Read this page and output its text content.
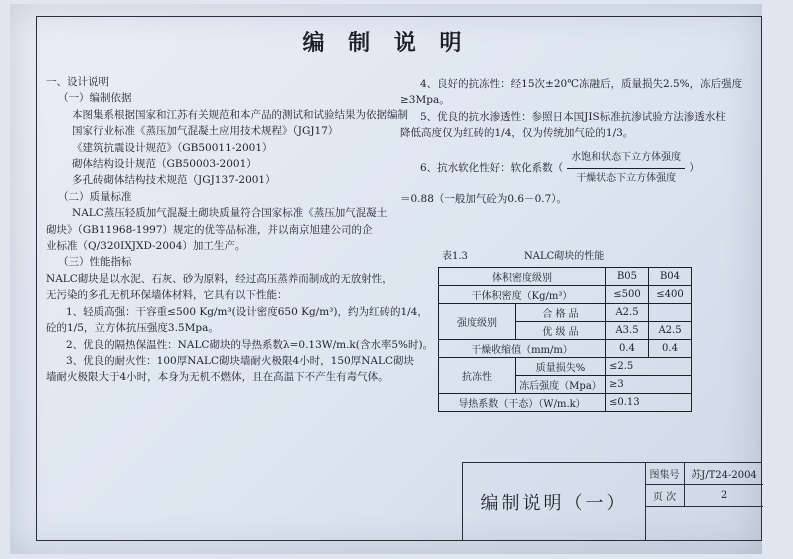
编 制 说 明
一、设计说明
（一）编制依据
本图集系根据国家和江苏有关规范和本产品的测试和试验结果为依据编制
国家行业标准《蒸压加气混凝土应用技术规程》（JGJ17）
《建筑抗震设计规范》（GB50011-2001）
砌体结构设计规范（GB50003-2001）
多孔砖砌体结构技术规范（JGJ137-2001）
（二）质量标准
NALC蒸压轻质加气混凝土砌块质量符合国家标准《蒸压加气混凝土
砌块》（GB11968-1997）规定的优等品标准，并以南京旭建公司的企
业标准（Q/320IXJXD-2004）加工生产。
（三）性能指标
NALC砌块是以水泥、石灰、砂为原料，经过高压蒸养而制成的无放射性，
无污染的多孔无机环保墙体材料，它具有以下性能：
1、轻质高强：干容重≤500 Kg/m³(设计密度650 Kg/m³)，约为红砖的1/4，
砼的1/5，立方体抗压强度3.5Mpa。
2、优良的隔热保温性：NALC砌块的导热系数λ=0.13W/m.k(含水率5%时)。
3、优良的耐火性：100厚NALC砌块墙耐火极限4小时，150厚NALC砌块
墙耐火极限大于4小时，本身为无机不燃体，且在高温下不产生有毒气体。
4、良好的抗冻性：经15次±20℃冻融后，质量损失2.5%，冻后强度
≥3Mpa。
5、优良的抗水渗透性：参照日本国JIS标准抗渗试验方法渗透水柱
降低高度仅为红砖的1/4，仅为传统加气砼的1/3。
6、抗水软化性好：软化系数（ $\frac{\text{水饱和状态下立方体强度}}{\text{干燥状态下立方体强度}}$ ）
＝0.88（一般加气砼为0.6－0.7）。
表1.3	NALC砌块的性能
体积密度级别		B05	B04
干体积密度（Kg/m³）		≤500	≤400
强度级别	合 格 品	A2.5	
	优 级 品	A3.5	A2.5
干燥收缩值（mm/m）		0.4	0.4
抗冻性	质量损失%	≤2.5	
	冻后强度（Mpa）	≥3	
导热系数（干态）（W/m.k）		≤0.13	
编制说明（一）
图集号	苏J/T24-2004
页 次	2
